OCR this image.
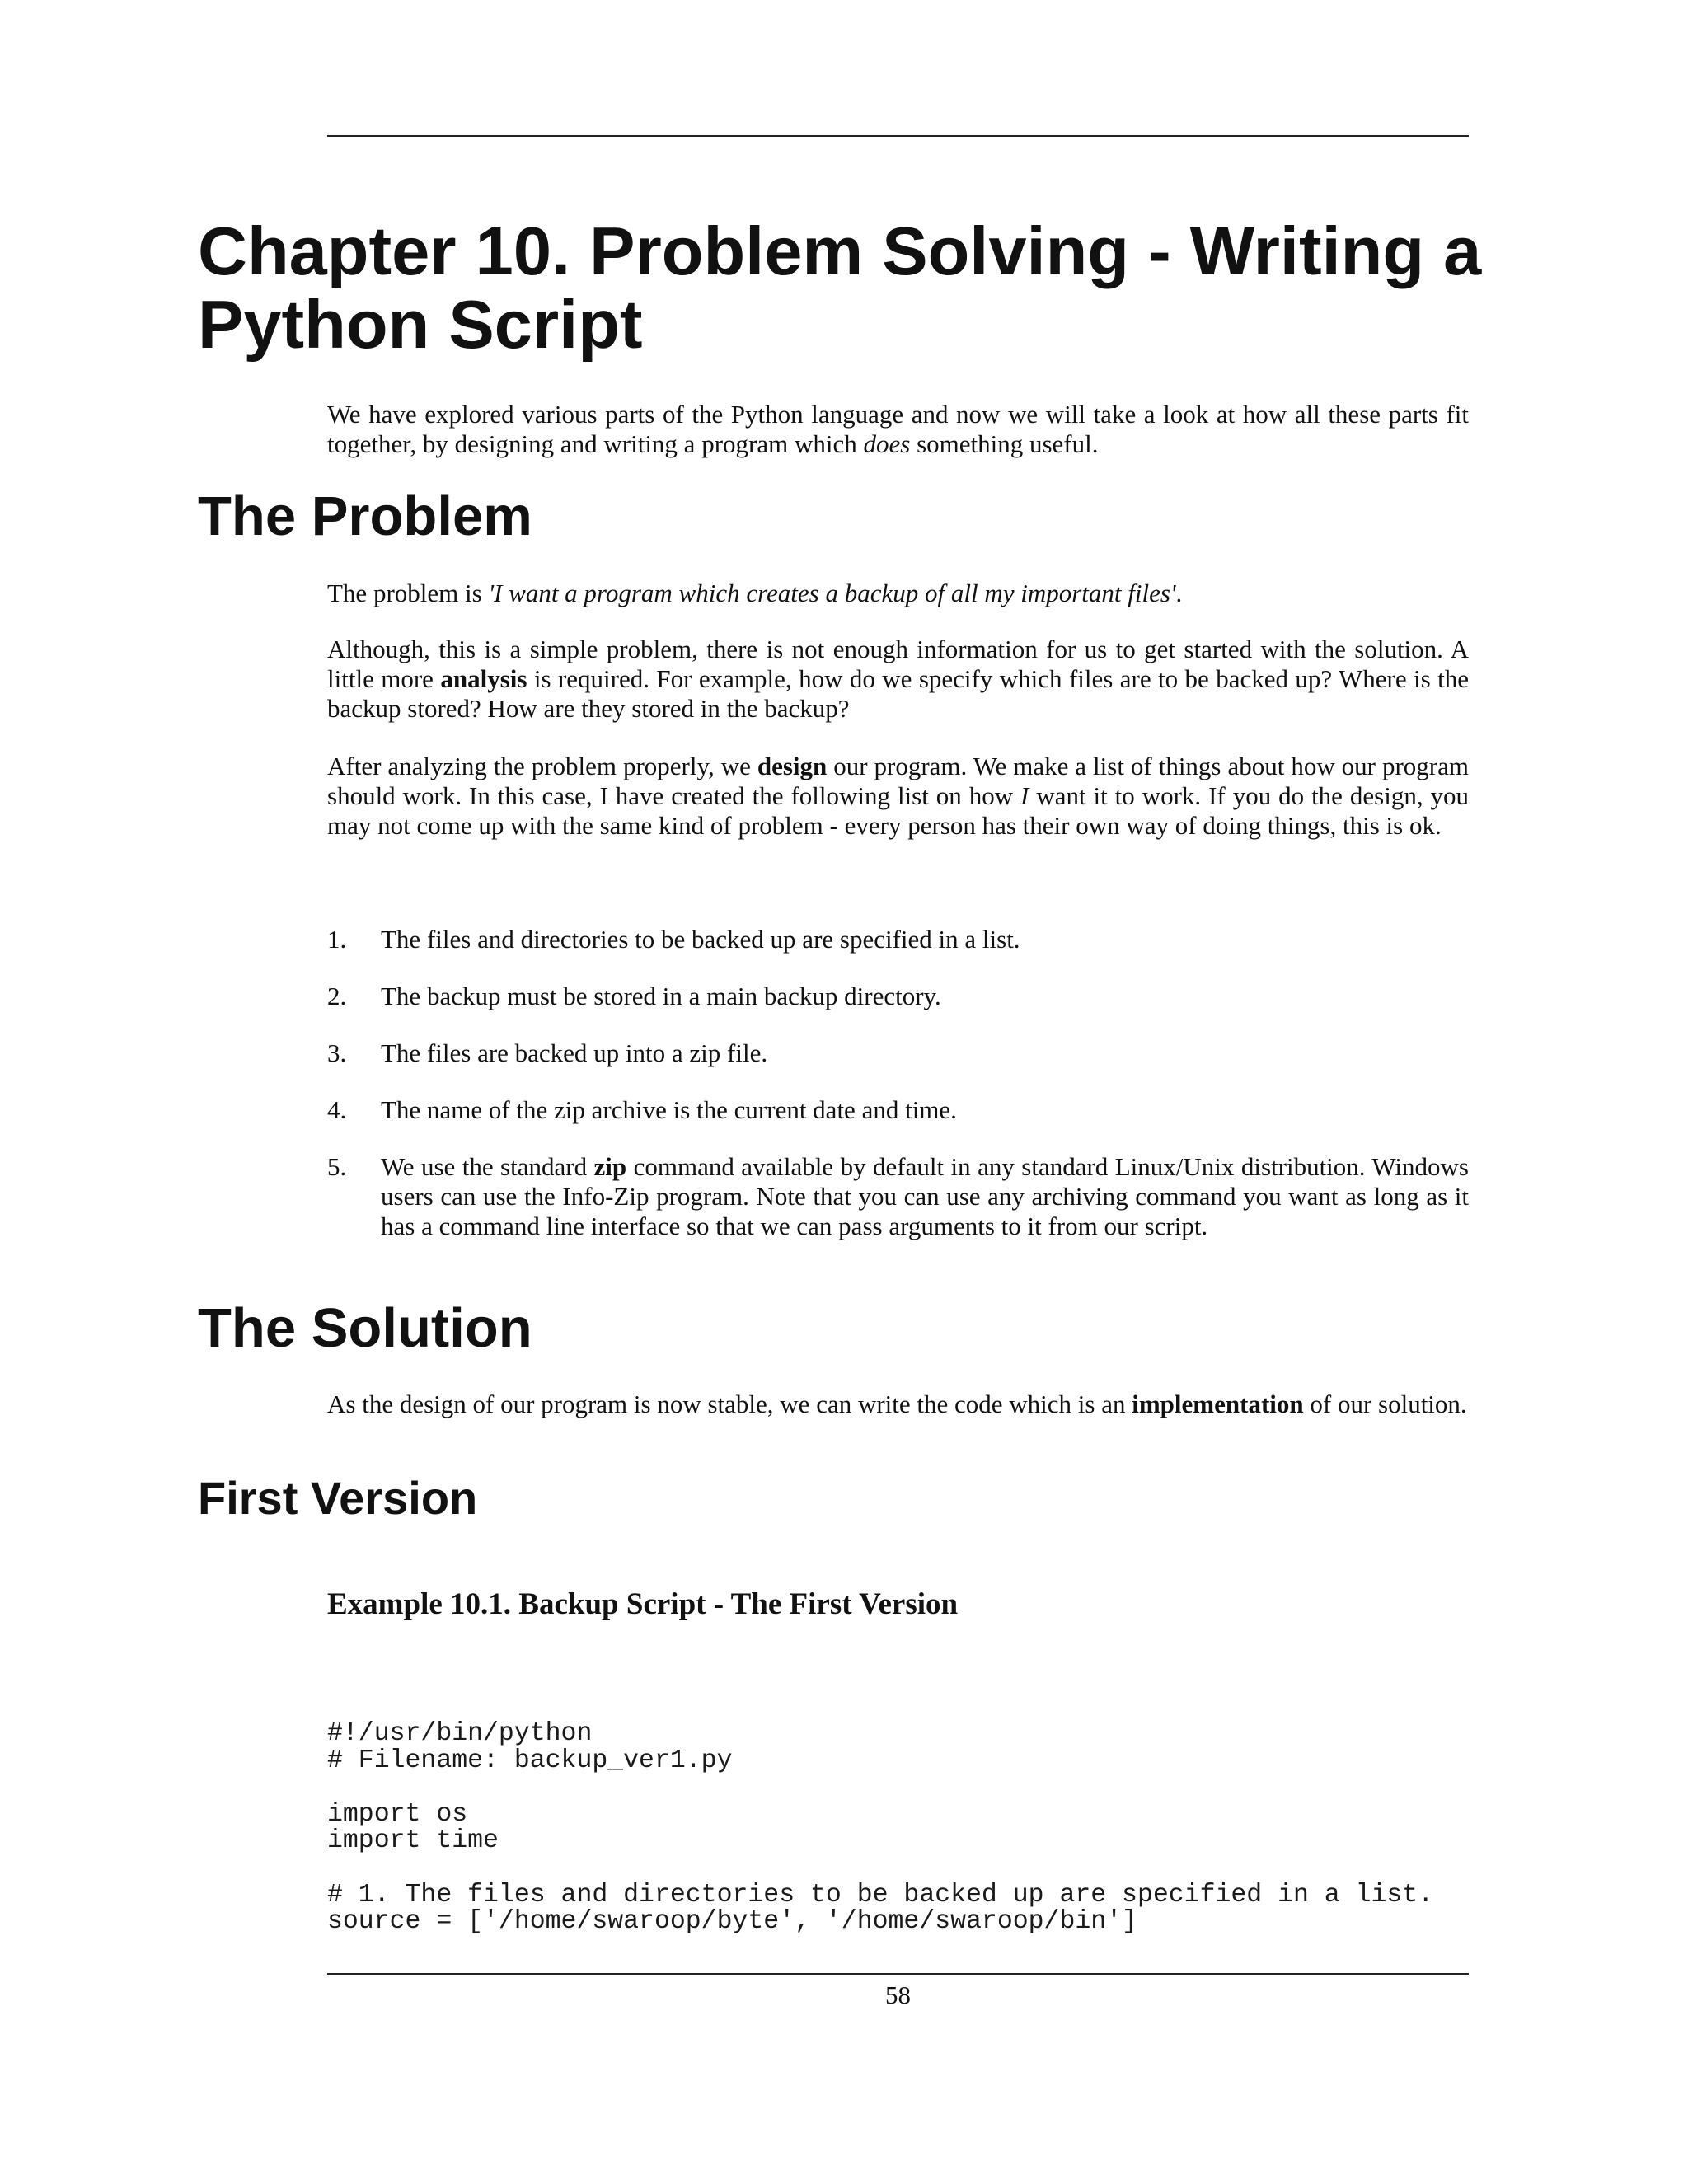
Chapter 10. Problem Solving - Writing a Python Script

We have explored various parts of the Python language and now we will take a look at how all these parts fit together, by designing and writing a program which does something useful.

The Problem

The problem is 'I want a program which creates a backup of all my important files'.

Although, this is a simple problem, there is not enough information for us to get started with the solution. A little more analysis is required. For example, how do we specify which files are to be backed up? Where is the backup stored? How are they stored in the backup?

After analyzing the problem properly, we design our program. We make a list of things about how our program should work. In this case, I have created the following list on how I want it to work. If you do the design, you may not come up with the same kind of problem - every person has their own way of doing things, this is ok.

1.	The files and directories to be backed up are specified in a list.
2.	The backup must be stored in a main backup directory.
3.	The files are backed up into a zip file.
4.	The name of the zip archive is the current date and time.
5.	We use the standard zip command available by default in any standard Linux/Unix distribution. Windows users can use the Info-Zip program. Note that you can use any archiving command you want as long as it has a command line interface so that we can pass arguments to it from our script.
The Solution

As the design of our program is now stable, we can write the code which is an implementation of our solution.

First Version
Example 10.1. Backup Script - The First Version
#!/usr/bin/python
# Filename: backup_ver1.py
import os
import time
# 1. The files and directories to be backed up are specified in a list.
source = ['/home/swaroop/byte', '/home/swaroop/bin']
58
